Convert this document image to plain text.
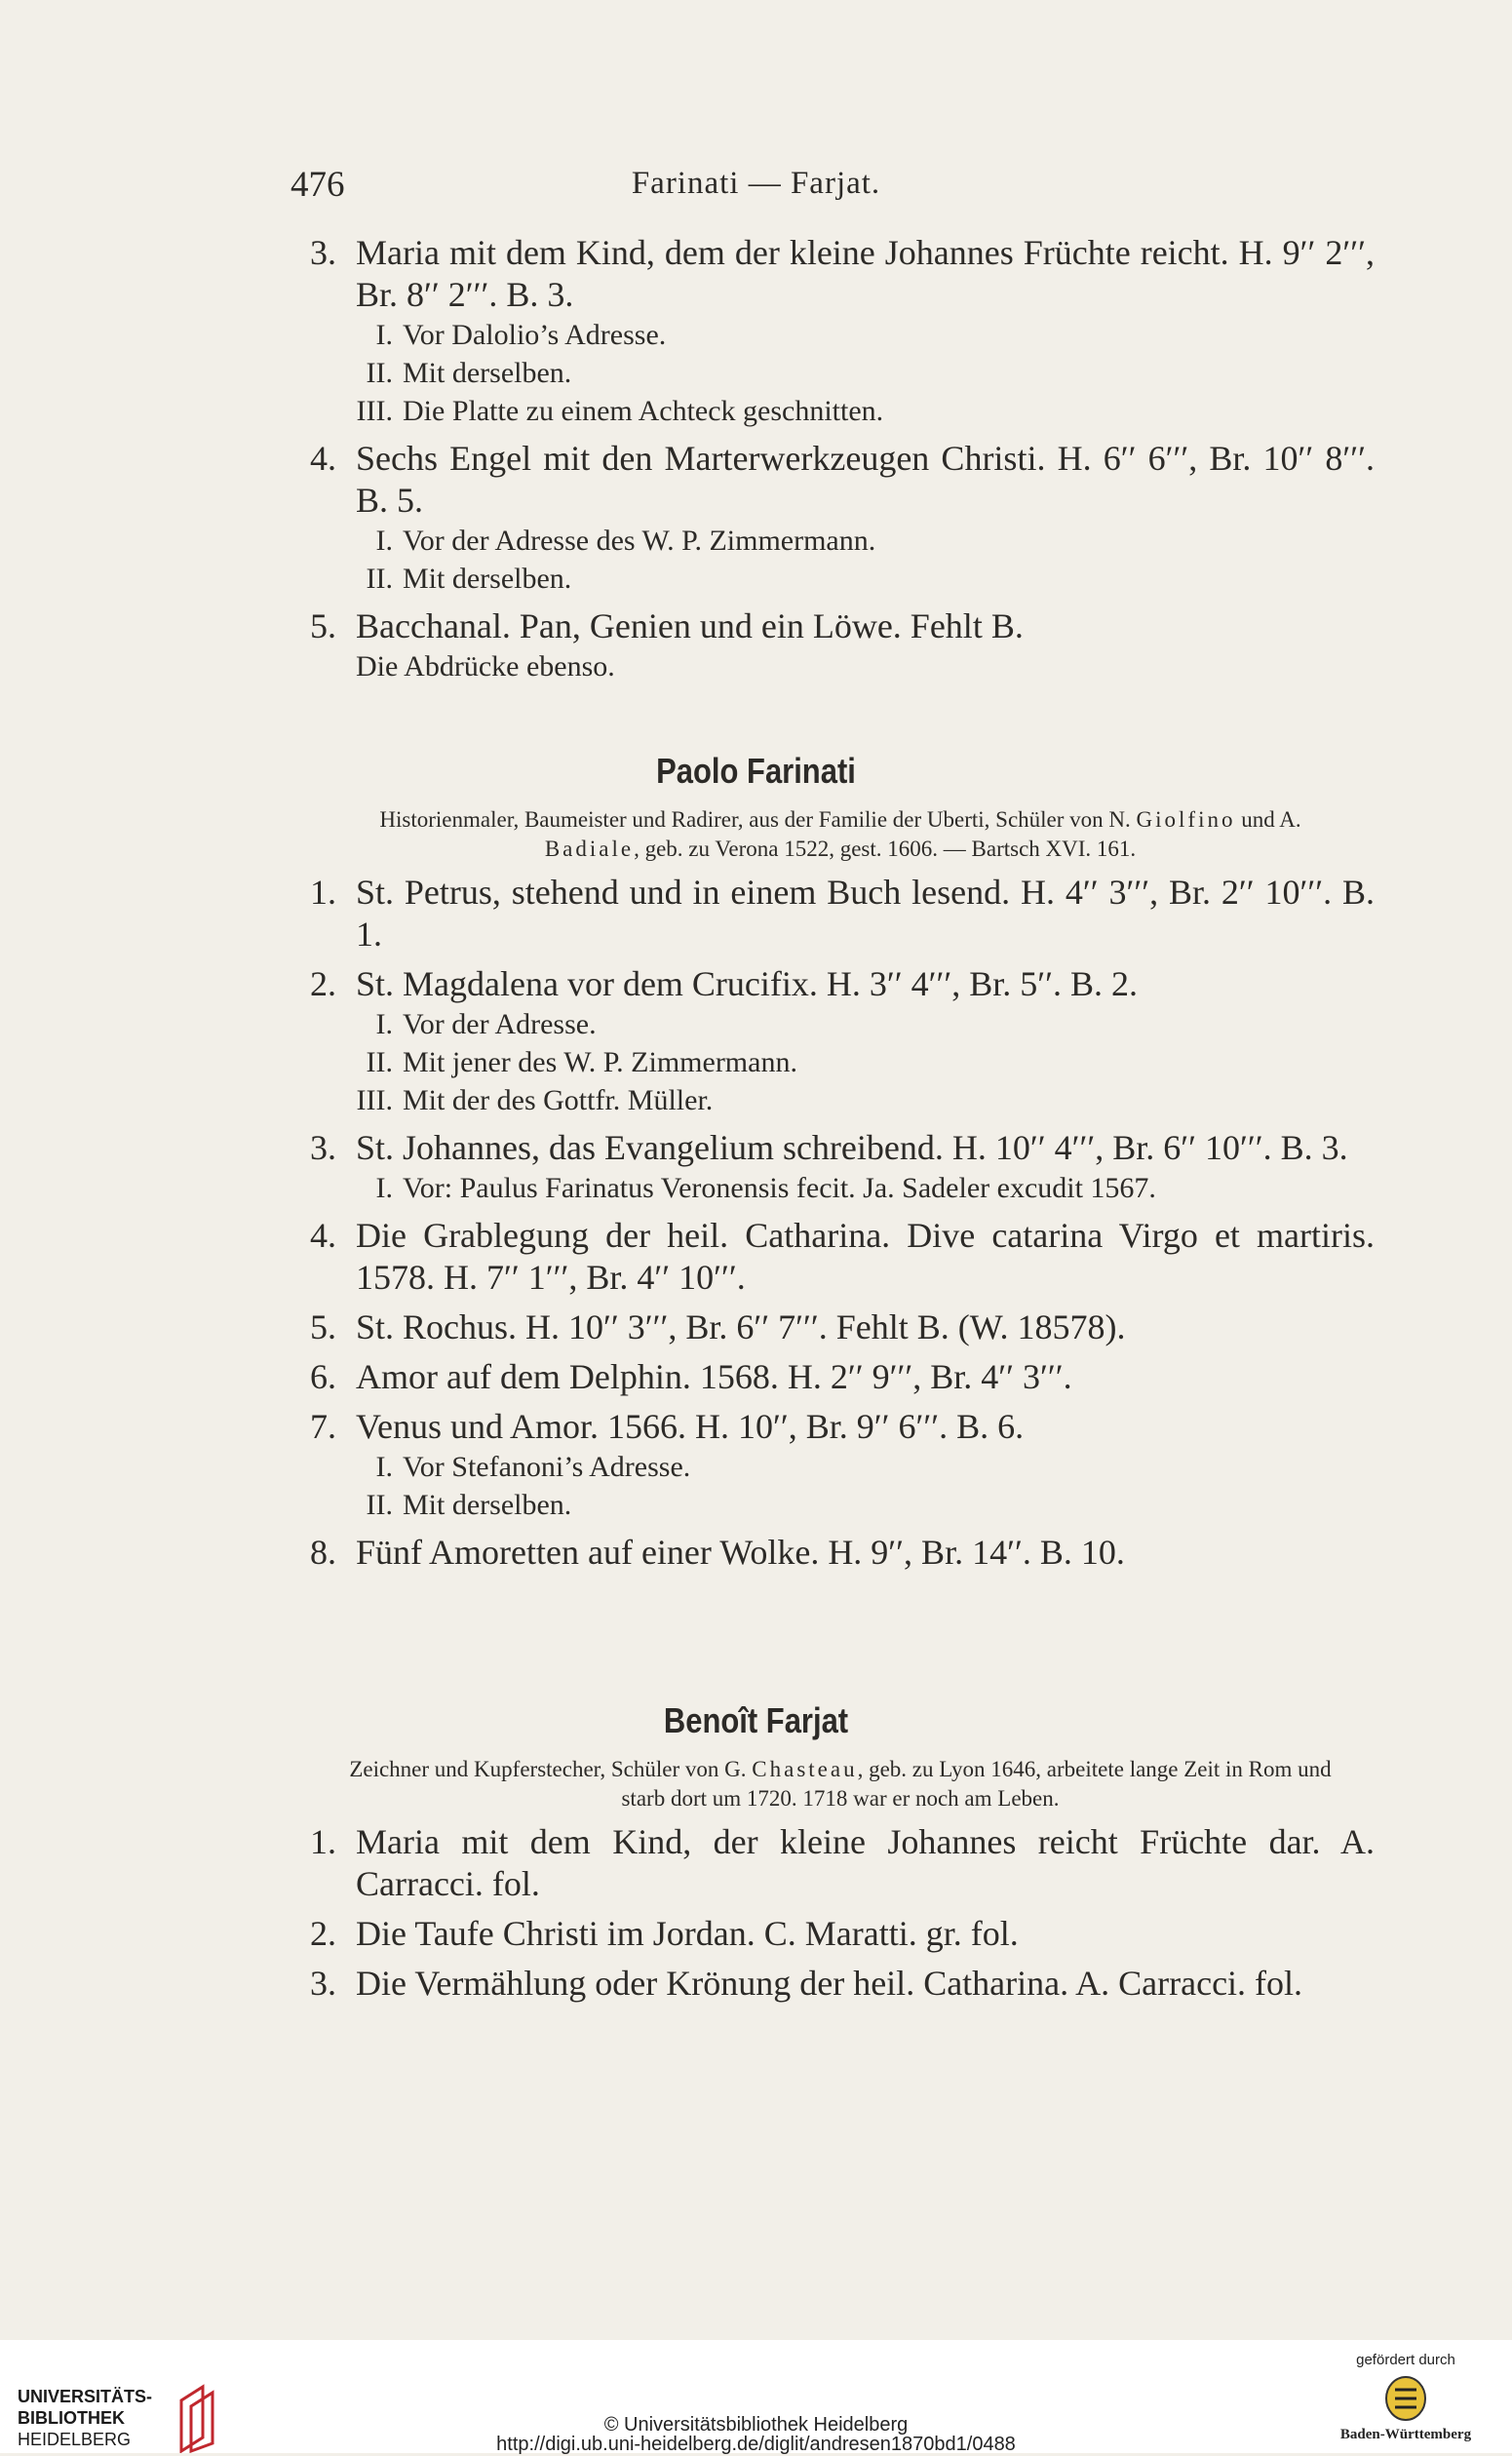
476	Farinati — Farjat.
3. Maria mit dem Kind, dem der kleine Johannes Früchte reicht. H. 9′′ 2′′′, Br. 8′′ 2′′′. B. 3.

I. Vor Dalolio’s Adresse.

II. Mit derselben.

III. Die Platte zu einem Achteck geschnitten.

4. Sechs Engel mit den Marterwerkzeugen Christi. H. 6′′ 6′′′, Br. 10′′ 8′′′. B. 5.

I. Vor der Adresse des W. P. Zimmermann.

II. Mit derselben.

5. Bacchanal. Pan, Genien und ein Löwe. Fehlt B.

Die Abdrücke ebenso.

Paolo Farinati
Historienmaler, Baumeister und Radirer, aus der Familie der Uberti, Schüler von N. Giolfino und A. Badiale, geb. zu Verona 1522, gest. 1606. — Bartsch XVI. 161.
1. St. Petrus, stehend und in einem Buch lesend. H. 4′′ 3′′′, Br. 2′′ 10′′′. B. 1.
2. St. Magdalena vor dem Crucifix. H. 3′′ 4′′′, Br. 5′′. B. 2.

I. Vor der Adresse.

II. Mit jener des W. P. Zimmermann.

III. Mit der des Gottfr. Müller.

3. St. Johannes, das Evangelium schreibend. H. 10′′ 4′′′, Br. 6′′ 10′′′. B. 3.

I. Vor: Paulus Farinatus Veronensis fecit. Ja. Sadeler excudit 1567.

4. Die Grablegung der heil. Catharina. Dive catarina Virgo et martiris. 1578. H. 7′′ 1′′′, Br. 4′′ 10′′′.
5. St. Rochus. H. 10′′ 3′′′, Br. 6′′ 7′′′. Fehlt B. (W. 18578).
6. Amor auf dem Delphin. 1568. H. 2′′ 9′′′, Br. 4′′ 3′′′.
7. Venus und Amor. 1566. H. 10′′, Br. 9′′ 6′′′. B. 6.

I. Vor Stefanoni’s Adresse.

II. Mit derselben.

8. Fünf Amoretten auf einer Wolke. H. 9′′, Br. 14′′. B. 10.
Benoît Farjat
Zeichner und Kupferstecher, Schüler von G. Chasteau, geb. zu Lyon 1646, arbeitete lange Zeit in Rom und starb dort um 1720. 1718 war er noch am Leben.
1. Maria mit dem Kind, der kleine Johannes reicht Früchte dar. A. Carracci. fol.
2. Die Taufe Christi im Jordan. C. Maratti. gr. fol.
3. Die Vermählung oder Krönung der heil. Catharina. A. Carracci. fol.
UNIVERSITÄTS-
BIBLIOTHEK
HEIDELBERG
© Universitätsbibliothek Heidelberg
http://digi.ub.uni-heidelberg.de/diglit/andresen1870bd1/0488
gefördert durch
Baden-Württemberg
